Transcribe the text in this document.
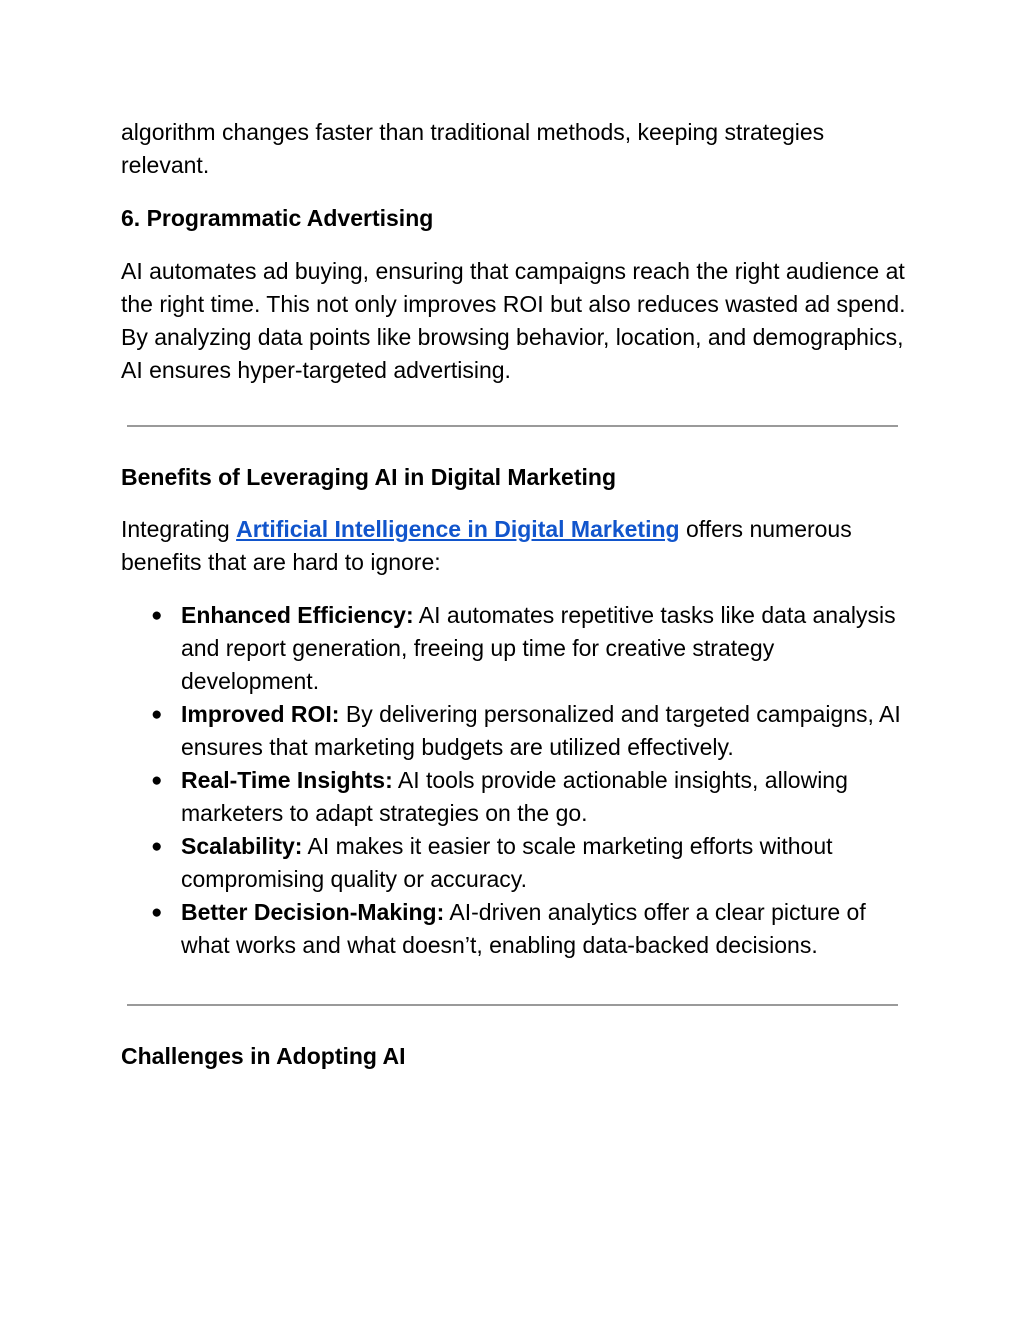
algorithm changes faster than traditional methods, keeping strategies relevant.

6. Programmatic Advertising

AI automates ad buying, ensuring that campaigns reach the right audience at the right time. This not only improves ROI but also reduces wasted ad spend. By analyzing data points like browsing behavior, location, and demographics, AI ensures hyper-targeted advertising.

Benefits of Leveraging AI in Digital Marketing

Integrating Artificial Intelligence in Digital Marketing offers numerous benefits that are hard to ignore:

● Enhanced Efficiency: AI automates repetitive tasks like data analysis and report generation, freeing up time for creative strategy development.
● Improved ROI: By delivering personalized and targeted campaigns, AI ensures that marketing budgets are utilized effectively.
● Real-Time Insights: AI tools provide actionable insights, allowing marketers to adapt strategies on the go.
● Scalability: AI makes it easier to scale marketing efforts without compromising quality or accuracy.
● Better Decision-Making: AI-driven analytics offer a clear picture of what works and what doesn’t, enabling data-backed decisions.
Challenges in Adopting AI
